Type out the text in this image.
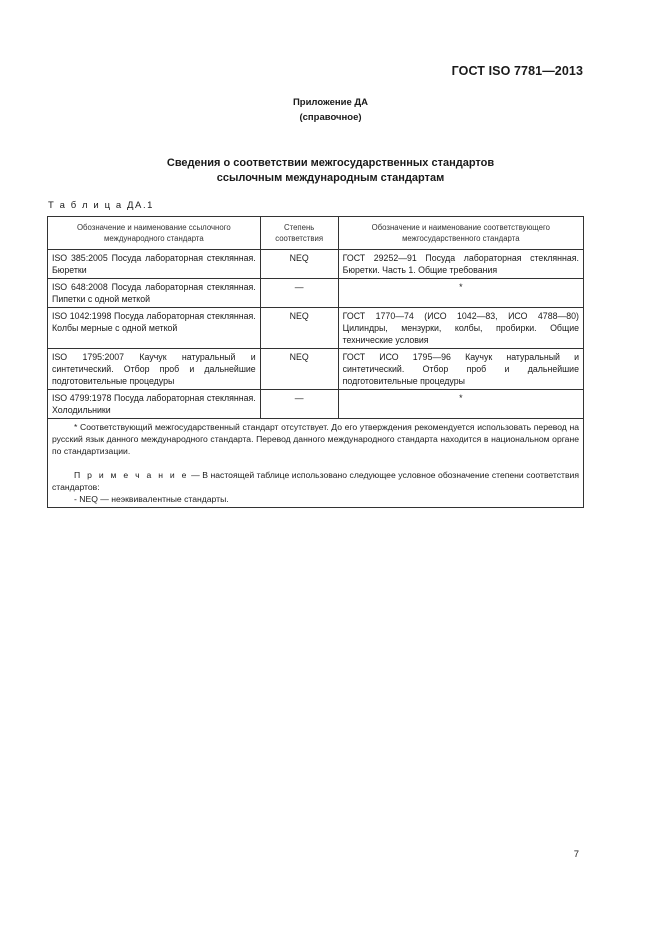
ГОСТ ISO 7781—2013
Приложение ДА
(справочное)
Сведения о соответствии межгосударственных стандартов
ссылочным международным стандартам
Т а б л и ц а ДА.1
Обозначение и наименование ссылочного международного стандарта	Степень соответствия	Обозначение и наименование соответствующего межгосударственного стандарта
ISO 385:2005 Посуда лабораторная стеклянная. Бюретки	NEQ	ГОСТ 29252—91 Посуда лабораторная стеклянная. Бюретки. Часть 1. Общие требования
ISO 648:2008 Посуда лабораторная стеклянная. Пипетки с одной меткой	—	*
ISO 1042:1998 Посуда лабораторная стеклянная. Колбы мерные с одной меткой	NEQ	ГОСТ 1770—74 (ИСО 1042—83, ИСО 4788—80) Цилиндры, мензурки, колбы, пробирки. Общие технические условия
ISO 1795:2007 Каучук натуральный и синтетический. Отбор проб и дальнейшие подготовительные процедуры	NEQ	ГОСТ ИСО 1795—96 Каучук натуральный и синтетический. Отбор проб и дальнейшие подготовительные процедуры
ISO 4799:1978 Посуда лабораторная стеклянная. Холодильники	—	*

* Соответствующий межгосударственный стандарт отсутствует. До его утверждения рекомендуется использовать перевод на русский язык данного международного стандарта. Перевод данного международного стандарта находится в национальном органе по стандартизации.

П р и м е ч а н и е — В настоящей таблице использовано следующее условное обозначение степени соответствия стандартов:

- NEQ — неэквивалентные стандарты.		

7
